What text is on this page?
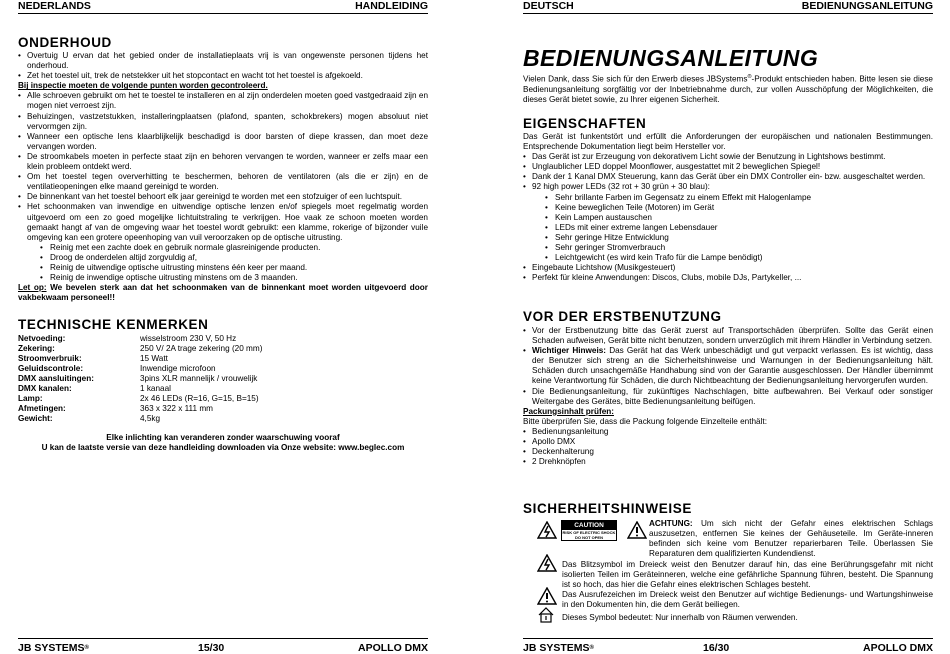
NEDERLANDS	HANDLEIDING
ONDERHOUD
• Overtuig U ervan dat het gebied onder de installatieplaats vrij is van ongewenste personen tijdens het onderhoud.
• Zet het toestel uit, trek de netstekker uit het stopcontact en wacht tot het toestel is afgekoeld.
Bij inspectie moeten de volgende punten worden gecontroleerd.
• Alle schroeven gebruikt om het te toestel te installeren en al zijn onderdelen moeten goed vastgedraaid zijn en mogen niet verroest zijn.
• Behuizingen, vastzetstukken, installeringplaatsen (plafond, spanten, schokbrekers) mogen absoluut niet vervormgen zijn.
• Wanneer een optische lens klaarblijkelijk beschadigd is door barsten of diepe krassen, dan moet deze vervangen worden.
• De stroomkabels moeten in perfecte staat zijn en behoren vervangen te worden, wanneer er zelfs maar een klein probleem ontdekt werd.
• Om het toestel tegen oververhitting te beschermen, behoren de ventilatoren (als die er zijn) en de ventilatieopeningen elke maand gereinigd te worden.
• De binnenkant van het toestel behoort elk jaar gereinigd te worden met een stofzuiger of een luchtspuit.
• Het schoonmaken van inwendige en uitwendige optische lenzen en/of spiegels moet regelmatig worden uitgevoerd om een zo goed mogelijke lichtuitstraling te verkrijgen. Hoe vaak ze schoon moeten worden gemaakt hangt af van de omgeving waar het toestel wordt gebruikt: een klamme, rokerige of bijzonder vuile omgeving kan een grotere opeenhoping van vuil veroorzaken op de optische uitrusting.
• Reinig met een zachte doek en gebruik normale glasreinigende producten.
• Droog de onderdelen altijd zorgvuldig af,
• Reinig de uitwendige optische uitrusting minstens één keer per maand.
• Reinig de inwendige optische uitrusting minstens om de 3 maanden.
Let op: We bevelen sterk aan dat het schoonmaken van de binnenkant moet worden uitgevoerd door vakbekwaam personeel!!
TECHNISCHE KENMERKEN
Netvoeding:	wisselstroom 230 V, 50 Hz
Zekering:	250 V/ 2A trage zekering (20 mm)
Stroomverbruik:	15 Watt
Geluidscontrole:	Inwendige microfoon
DMX aansluitingen:	3pins XLR mannelijk / vrouwelijk
DMX kanalen:	1 kanaal
Lamp:	2x 46 LEDs (R=16, G=15, B=15)
Afmetingen:	363 x 322 x 111 mm
Gewicht:	4,5kg
Elke inlichting kan veranderen zonder waarschuwing vooraf
U kan de laatste versie van deze handleiding downloaden via Onze website: www.beglec.com
JB SYSTEMS®	15/30	APOLLO DMX
DEUTSCH	BEDIENUNGSANLEITUNG
BEDIENUNGSANLEITUNG
Vielen Dank, dass Sie sich für den Erwerb dieses JBSystems®-Produkt entschieden haben. Bitte lesen sie diese Bedienungsanleitung sorgfältig vor der Inbetriebnahme durch, zur vollen Ausschöpfung der Möglichkeiten, die dieses Gerät bietet sowie, zu Ihrer eigenen Sicherheit.
EIGENSCHAFTEN
Das Gerät ist funkentstört und erfüllt die Anforderungen der europäischen und nationalen Bestimmungen. Entsprechende Dokumentation liegt beim Hersteller vor.
• Das Gerät ist zur Erzeugung von dekorativem Licht sowie der Benutzung in Lightshows bestimmt.
• Unglaublicher LED doppel Moonflower, ausgestattet mit 2 beweglichen Spiegel!
• Dank der 1 Kanal DMX Steuerung, kann das Gerät über ein DMX Controller ein- bzw. ausgeschaltet werden.
• 92 high power LEDs (32 rot + 30 grün + 30 blau):
• Sehr brillante Farben im Gegensatz zu einem Effekt mit Halogenlampe
• Keine beweglichen Teile (Motoren) im Gerät
• Kein Lampen austauschen
• LEDs mit einer extreme langen Lebensdauer
• Sehr geringe Hitze Entwicklung
• Sehr geringer Stromverbrauch
• Leichtgewicht (es wird kein Trafo für die Lampe benödigt)
• Eingebaute Lichtshow (Musikgesteuert)
• Perfekt für kleine Anwendungen: Discos, Clubs, mobile DJs, Partykeller, ...
VOR DER ERSTBENUTZUNG
• Vor der Erstbenutzung bitte das Gerät zuerst auf Transportschäden überprüfen. Sollte das Gerät einen Schaden aufweisen, Gerät bitte nicht benutzen, sondern unverzüglich mit ihrem Händler in Verbindung setzen.
• Wichtiger Hinweis: Das Gerät hat das Werk unbeschädigt und gut verpackt verlassen. Es ist wichtig, dass der Benutzer sich streng an die Sicherheitshinweise und Warnungen in der Bedienungsanleitung hält. Schäden durch unsachgemäße Handhabung sind von der Garantie ausgeschlossen. Der Händler übernimmt keine Verantwortung für Schäden, die durch Nichtbeachtung der Bedienungsanleitung hervorgerufen wurden.
• Die Bedienungsanleitung, für zukünftiges Nachschlagen, bitte aufbewahren. Bei Verkauf oder sonstiger Weitergabe des Gerätes, bitte Bedienungsanleitung beifügen.
Packungsinhalt prüfen:
Bitte überprüfen Sie, dass die Packung folgende Einzelteile enthält:
• Bedienungsanleitung
• Apollo DMX
• Deckenhalterung
• 2 Drehknöpfen
SICHERHEITSHINWEISE
CAUTION
RISK OF ELECTRIC SHOCK DO NOT OPEN
ACHTUNG: Um sich nicht der Gefahr eines elektrischen Schlags auszusetzen, entfernen Sie keines der Gehäuseteile. Im Geräte-inneren befinden sich keine vom Benutzer reparierbaren Teile. Überlassen Sie Reparaturen dem qualifizierten Kundendienst.
Das Blitzsymbol im Dreieck weist den Benutzer darauf hin, das eine Berührungsgefahr mit nicht isolierten Teilen im Geräteinneren, welche eine gefährliche Spannung führen, besteht. Die Spannung ist so hoch, das hier die Gefahr eines elektrischen Schlages besteht.
Das Ausrufezeichen im Dreieck weist den Benutzer auf wichtige Bedienungs- und Wartungshinweise in den Dokumenten hin, die dem Gerät beiliegen.
Dieses Symbol bedeutet: Nur innerhalb von Räumen verwenden.
JB SYSTEMS®	16/30	APOLLO DMX
